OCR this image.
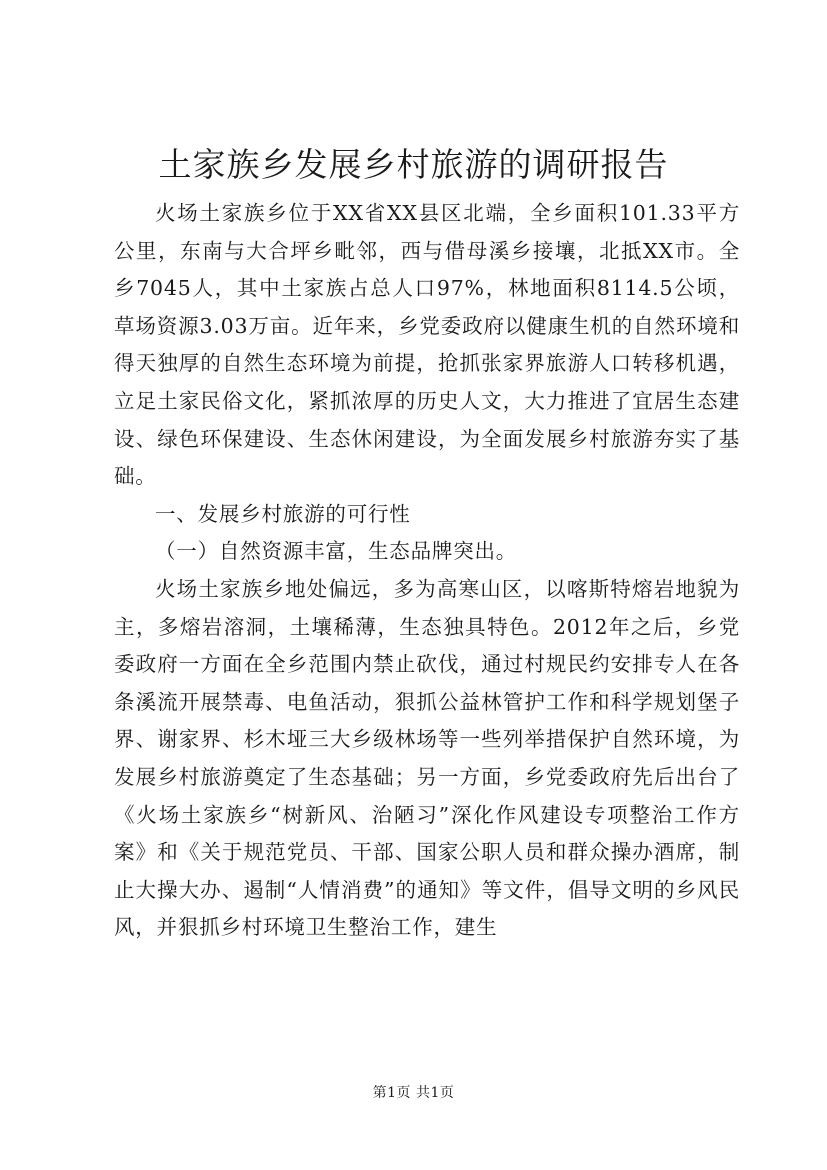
土家族乡发展乡村旅游的调研报告

火场土家族乡位于XX省XX县区北端，全乡面积101.33平方公里，东南与大合坪乡毗邻，西与借母溪乡接壤，北抵XX市。全乡7045人，其中土家族占总人口97%，林地面积8114.5公顷，草场资源3.03万亩。近年来，乡党委政府以健康生机的自然环境和得天独厚的自然生态环境为前提，抢抓张家界旅游人口转移机遇，立足土家民俗文化，紧抓浓厚的历史人文，大力推进了宜居生态建设、绿色环保建设、生态休闲建设，为全面发展乡村旅游夯实了基础。

一、发展乡村旅游的可行性

（一）自然资源丰富，生态品牌突出。

火场土家族乡地处偏远，多为高寒山区，以喀斯特熔岩地貌为主，多熔岩溶洞，土壤稀薄，生态独具特色。2012年之后，乡党委政府一方面在全乡范围内禁止砍伐，通过村规民约安排专人在各条溪流开展禁毒、电鱼活动，狠抓公益林管护工作和科学规划堡子界、谢家界、杉木垭三大乡级林场等一些列举措保护自然环境，为发展乡村旅游奠定了生态基础；另一方面，乡党委政府先后出台了《火场土家族乡“树新风、治陋习”深化作风建设专项整治工作方案》和《关于规范党员、干部、国家公职人员和群众操办酒席，制止大操大办、遏制“人情消费”的通知》等文件，倡导文明的乡风民风，并狠抓乡村环境卫生整治工作，建生

第1页 共1页
